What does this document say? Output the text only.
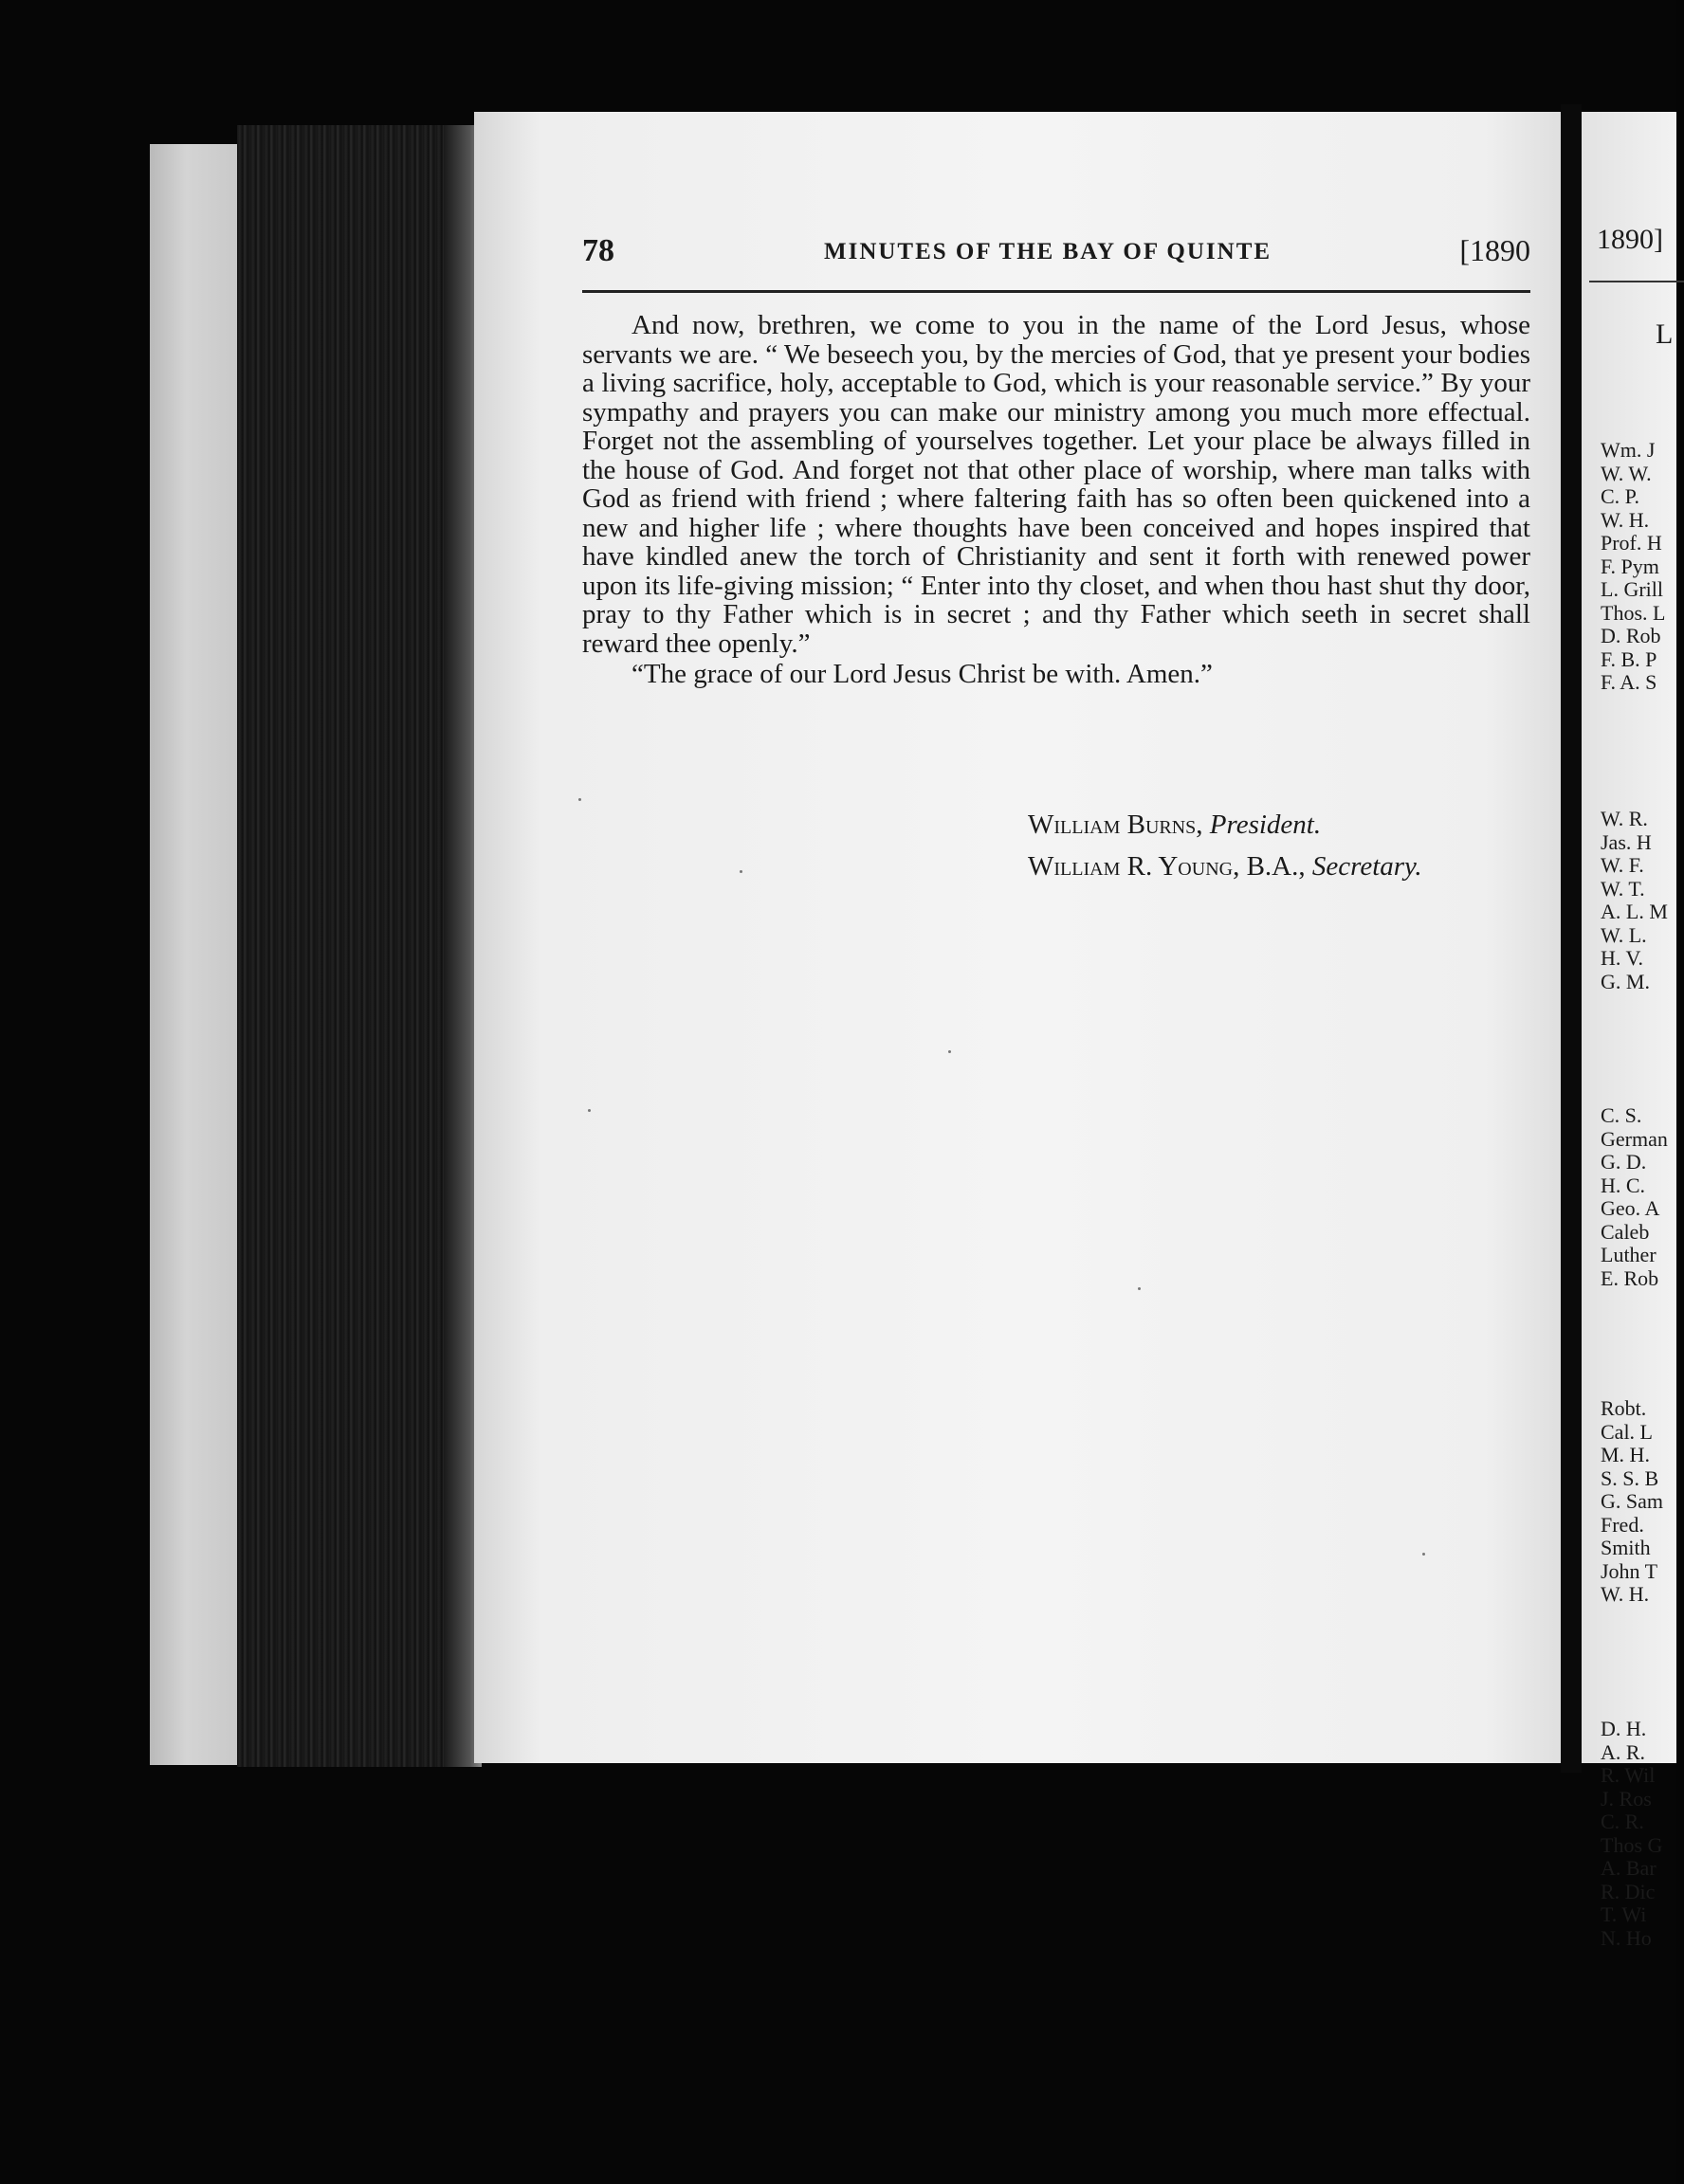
78	MINUTES OF THE BAY OF QUINTE	[1890

And now, brethren, we come to you in the name of the Lord Jesus, whose servants we are. “ We beseech you, by the mercies of God, that ye present your bodies a living sacrifice, holy, acceptable to God, which is your reasonable service.” By your sympathy and prayers you can make our ministry among you much more effectual. Forget not the assembling of yourselves together. Let your place be always filled in the house of God. And forget not that other place of worship, where man talks with God as friend with friend ; where faltering faith has so often been quickened into a new and higher life ; where thoughts have been conceived and hopes inspired that have kindled anew the torch of Christianity and sent it forth with renewed power upon its life-giving mission; “ Enter into thy closet, and when thou hast shut thy door, pray to thy Father which is in secret ; and thy Father which seeth in secret shall reward thee openly.”

“The grace of our Lord Jesus Christ be with. Amen.”

William Burns, President.
William R. Young, B.A., Secretary.
1890]
L
Wm. J
W. W.
C. P.
W. H.
Prof. H
F. Pym
L. Grill
Thos. L
D. Rob
F. B. P
F. A. S
W. R.
Jas. H
W. F.
W. T.
A. L. M
W. L.
H. V.
G. M.
C. S.
German
G. D.
H. C.
Geo. A
Caleb
Luther
E. Rob
Robt.
Cal. L
M. H.
S. S. B
G. Sam
Fred.
Smith
John T
W. H.
D. H.
A. R.
R. Wil
J. Ros
C. R.
Thos G
A. Bar
R. Dic
T. Wi
N. Ho
